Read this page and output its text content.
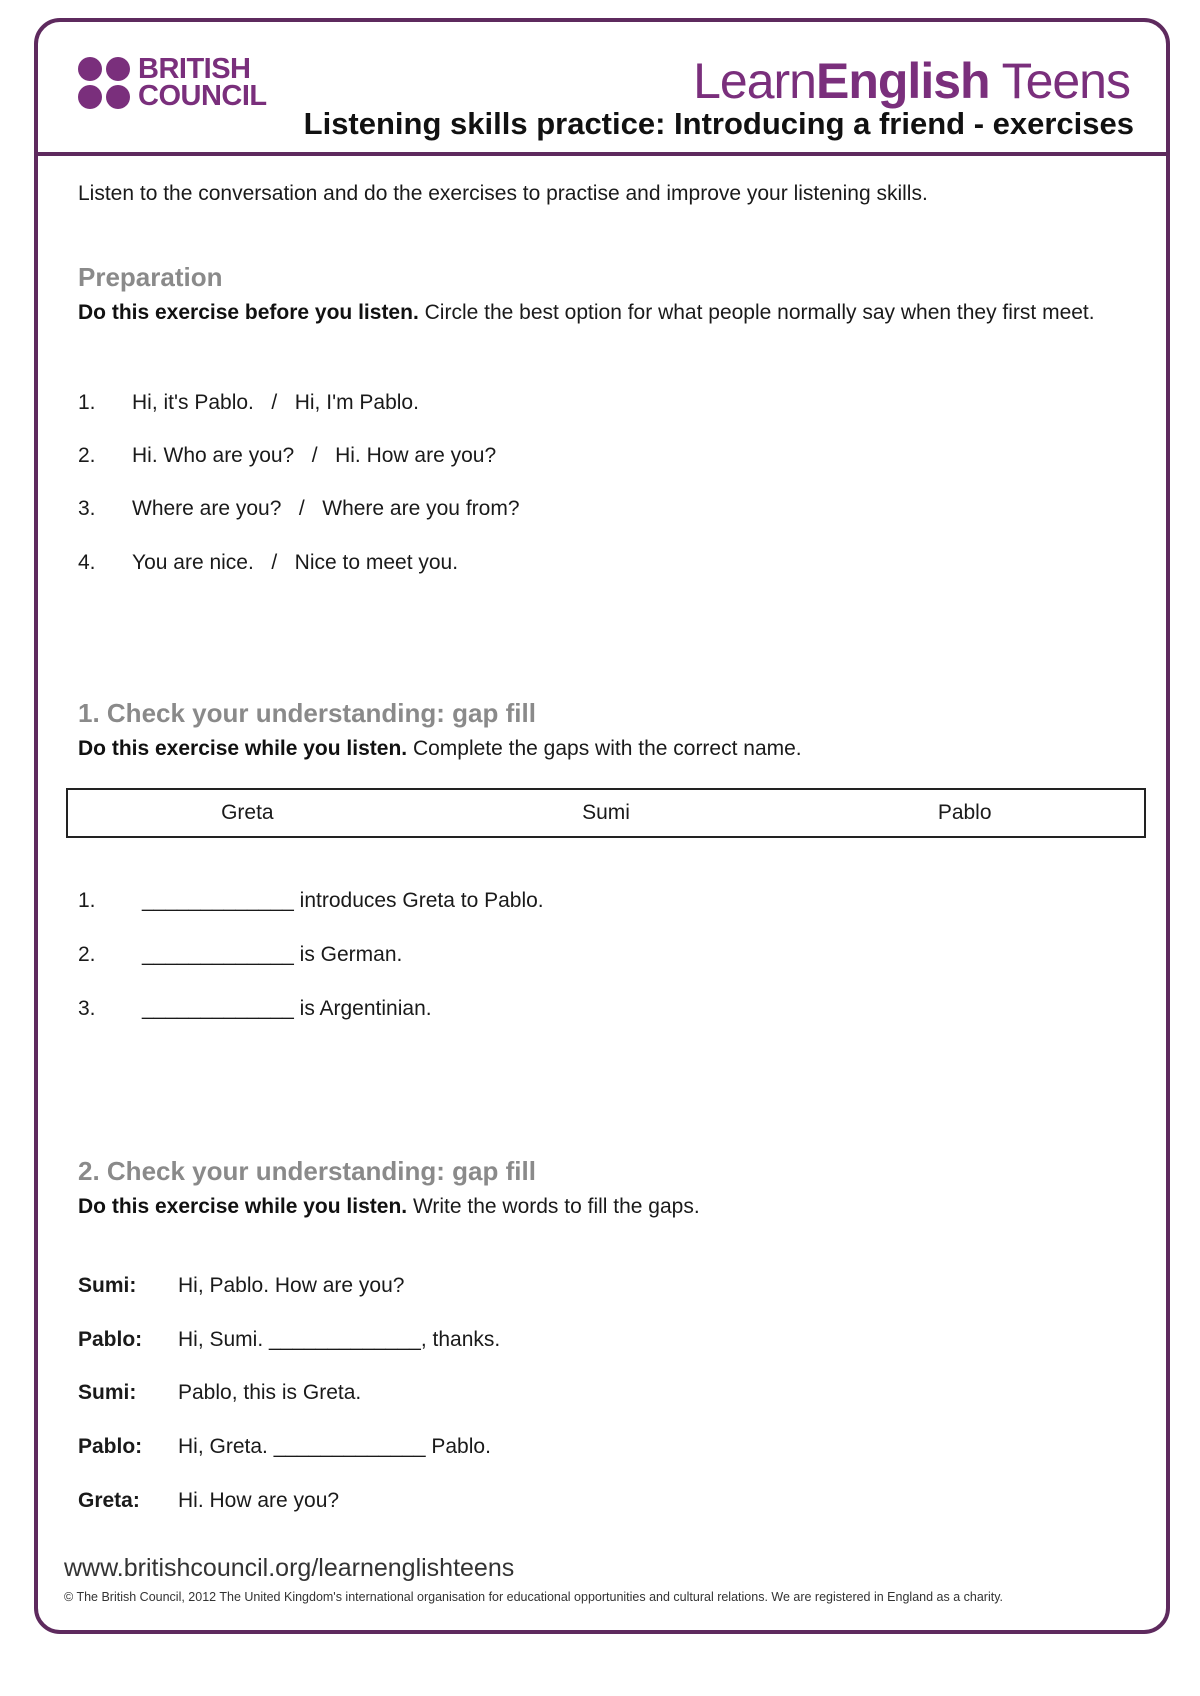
BRITISH
COUNCIL	LearnEnglish Teens
Listening skills practice: Introducing a friend - exercises
Listen to the conversation and do the exercises to practise and improve your listening skills.
Preparation
Do this exercise before you listen. Circle the best option for what people normally say when they first meet.
1. Hi, it's Pablo.   /   Hi, I'm Pablo.
2. Hi. Who are you?   /   Hi. How are you?
3. Where are you?   /   Where are you from?
4. You are nice.   /   Nice to meet you.
1. Check your understanding: gap fill
Do this exercise while you listen. Complete the gaps with the correct name.
Greta	Sumi	Pablo
1. _____________ introduces Greta to Pablo.
2. _____________ is German.
3. _____________ is Argentinian.
2. Check your understanding: gap fill
Do this exercise while you listen. Write the words to fill the gaps.
Sumi: Hi, Pablo. How are you?
Pablo: Hi, Sumi. _____________, thanks.
Sumi: Pablo, this is Greta.
Pablo: Hi, Greta. _____________ Pablo.
Greta: Hi. How are you?
www.britishcouncil.org/learnenglishteens
© The British Council, 2012 The United Kingdom's international organisation for educational opportunities and cultural relations. We are registered in England as a charity.
